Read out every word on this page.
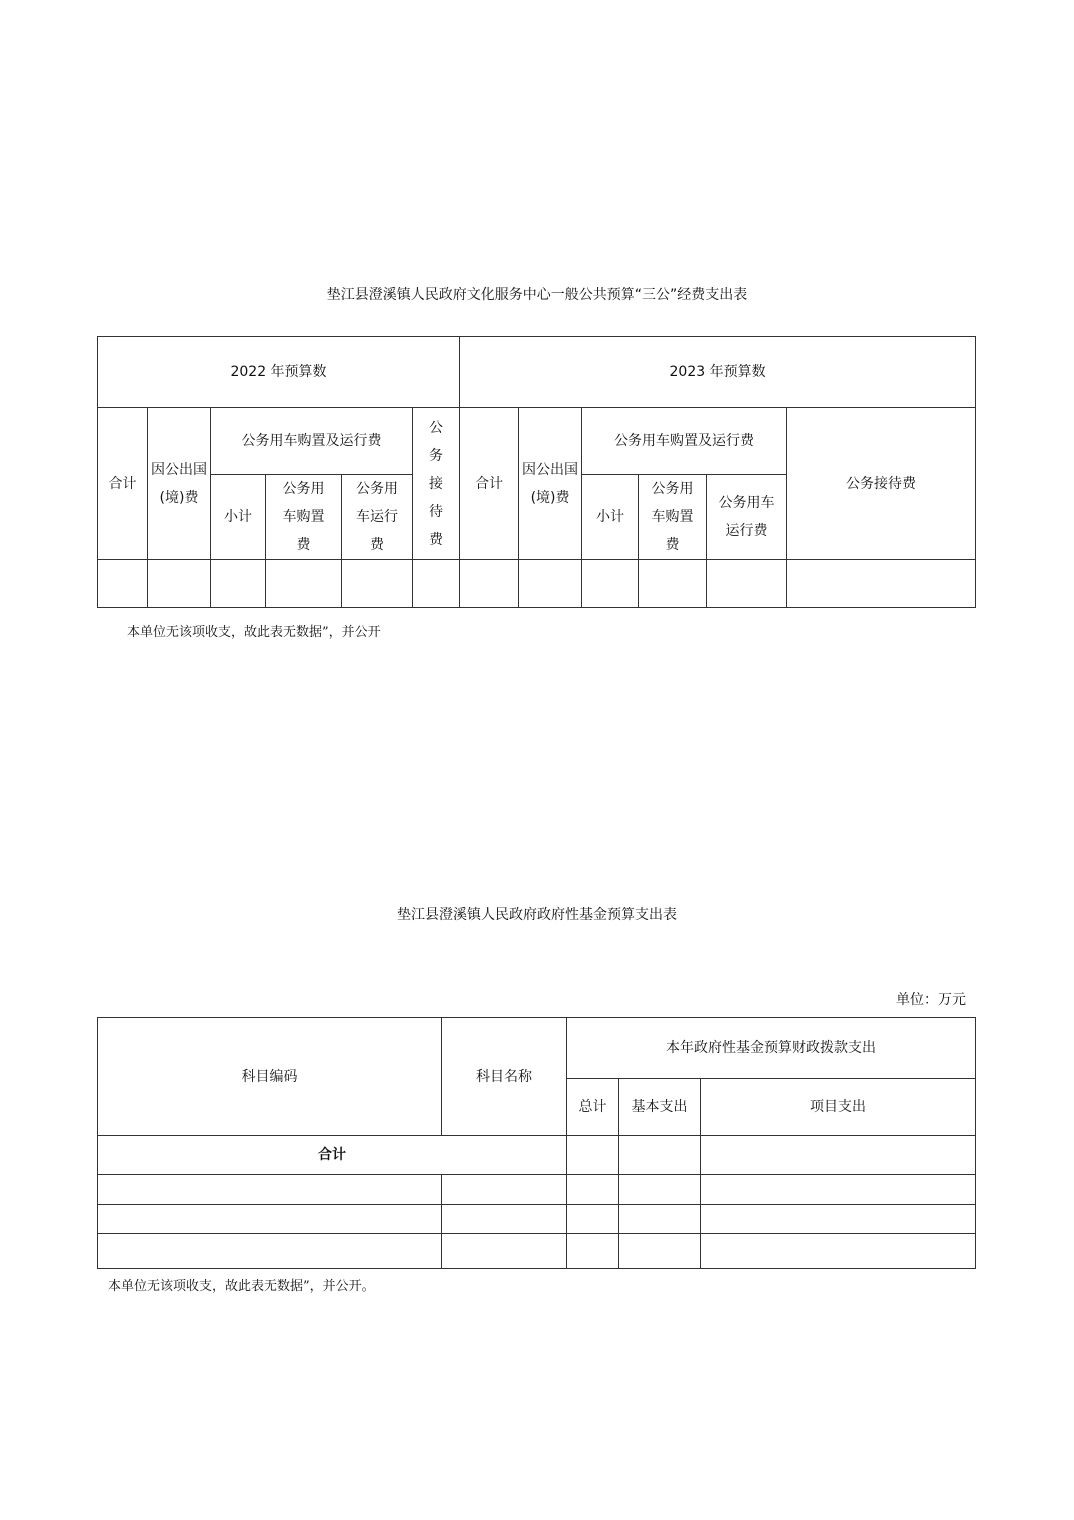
垫江县澄溪镇人民政府文化服务中心一般公共预算“三公”经费支出表
2022 年预算数						2023 年预算数					
合计	因公出国(境)费	公务用车购置及运行费			公务接待费	合计	因公出国(境)费	公务用车购置及运行费			公务接待费
		小计	公务用车购置费	公务用车运行费				小计	公务用车购置费	公务用车运行费	

本单位无该项收支，故此表无数据”，并公开
垫江县澄溪镇人民政府政府性基金预算支出表
单位：万元
科目编码	科目名称	本年政府性基金预算财政拨款支出		
		总计	基本支出	项目支出
合计				

本单位无该项收支，故此表无数据”，并公开。
